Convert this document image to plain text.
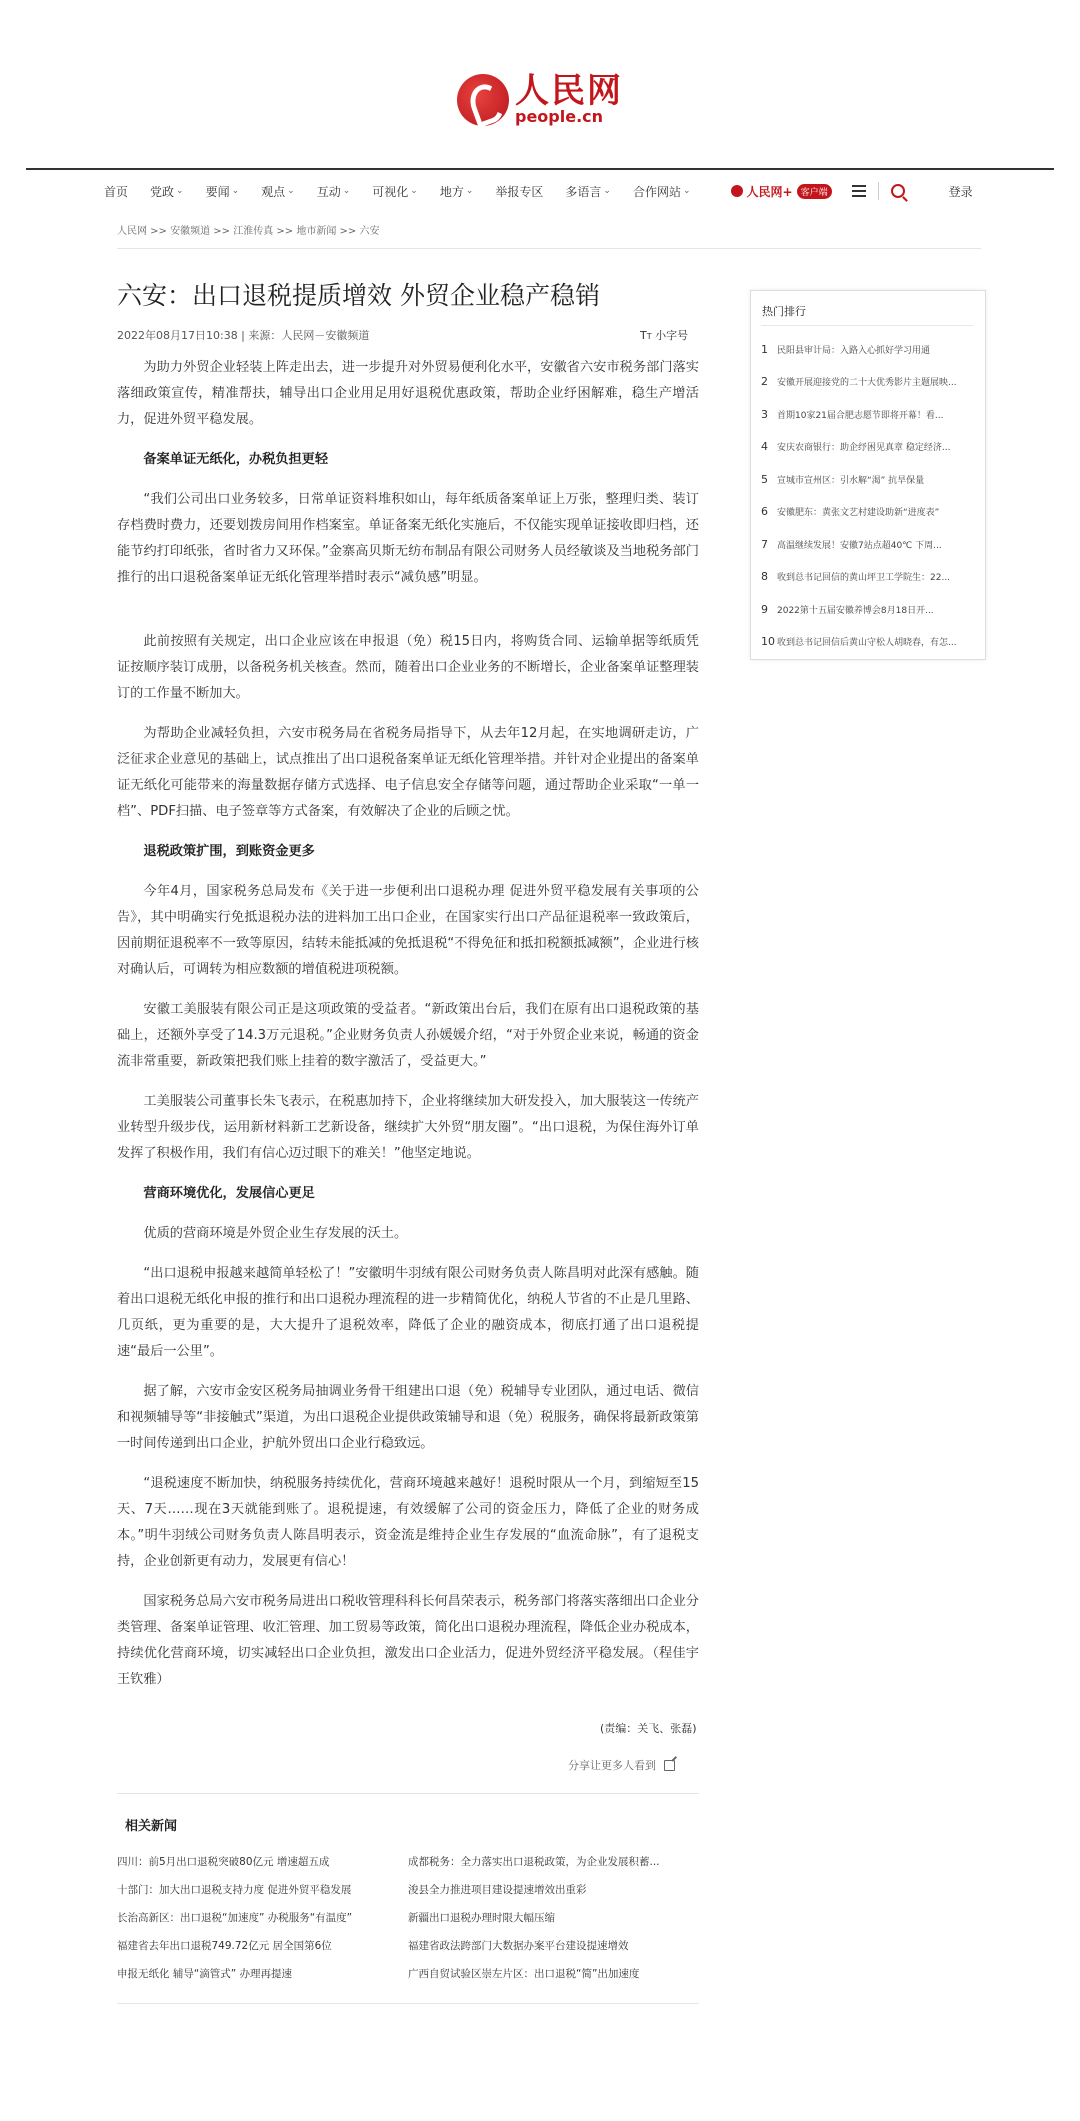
人民网
people.cn
首页 党政 ⌄ 要闻 ⌄ 观点 ⌄ 互动 ⌄ 可视化 ⌄ 地方 ⌄ 举报专区 多语言 ⌄ 合作网站 ⌄	人民网+ 客户端	登录
人民网 >> 安徽频道 >> 江淮传真 >> 地市新闻 >> 六安
六安：出口退税提质增效 外贸企业稳产稳销
2022年08月17日10:38 | 来源：人民网－安徽频道	TT 小字号

为助力外贸企业轻装上阵走出去，进一步提升对外贸易便利化水平，安徽省六安市税务部门落实落细政策宣传，精准帮扶，辅导出口企业用足用好退税优惠政策，帮助企业纾困解难，稳生产增活力，促进外贸平稳发展。

备案单证无纸化，办税负担更轻

“我们公司出口业务较多，日常单证资料堆积如山，每年纸质备案单证上万张，整理归类、装订存档费时费力，还要划拨房间用作档案室。单证备案无纸化实施后，不仅能实现单证接收即归档，还能节约打印纸张，省时省力又环保。”金寨高贝斯无纺布制品有限公司财务人员经敏谈及当地税务部门推行的出口退税备案单证无纸化管理举措时表示“减负感”明显。

此前按照有关规定，出口企业应该在申报退（免）税15日内，将购货合同、运输单据等纸质凭证按顺序装订成册，以备税务机关核查。然而，随着出口企业业务的不断增长，企业备案单证整理装订的工作量不断加大。

为帮助企业减轻负担，六安市税务局在省税务局指导下，从去年12月起，在实地调研走访，广泛征求企业意见的基础上，试点推出了出口退税备案单证无纸化管理举措。并针对企业提出的备案单证无纸化可能带来的海量数据存储方式选择、电子信息安全存储等问题，通过帮助企业采取“一单一档”、PDF扫描、电子签章等方式备案，有效解决了企业的后顾之忧。

退税政策扩围，到账资金更多

今年4月，国家税务总局发布《关于进一步便利出口退税办理 促进外贸平稳发展有关事项的公告》，其中明确实行免抵退税办法的进料加工出口企业，在国家实行出口产品征退税率一致政策后，因前期征退税率不一致等原因，结转未能抵减的免抵退税“不得免征和抵扣税额抵减额”，企业进行核对确认后，可调转为相应数额的增值税进项税额。

安徽工美服装有限公司正是这项政策的受益者。“新政策出台后，我们在原有出口退税政策的基础上，还额外享受了14.3万元退税。”企业财务负责人孙媛媛介绍，“对于外贸企业来说，畅通的资金流非常重要，新政策把我们账上挂着的数字激活了，受益更大。”

工美服装公司董事长朱飞表示，在税惠加持下，企业将继续加大研发投入，加大服装这一传统产业转型升级步伐，运用新材料新工艺新设备，继续扩大外贸“朋友圈”。“出口退税，为保住海外订单发挥了积极作用，我们有信心迈过眼下的难关！”他坚定地说。

营商环境优化，发展信心更足

优质的营商环境是外贸企业生存发展的沃土。

“出口退税申报越来越简单轻松了！”安徽明牛羽绒有限公司财务负责人陈昌明对此深有感触。随着出口退税无纸化申报的推行和出口退税办理流程的进一步精简优化，纳税人节省的不止是几里路、几页纸，更为重要的是，大大提升了退税效率，降低了企业的融资成本，彻底打通了出口退税提速“最后一公里”。

据了解，六安市金安区税务局抽调业务骨干组建出口退（免）税辅导专业团队，通过电话、微信和视频辅导等“非接触式”渠道，为出口退税企业提供政策辅导和退（免）税服务，确保将最新政策第一时间传递到出口企业，护航外贸出口企业行稳致远。

“退税速度不断加快，纳税服务持续优化，营商环境越来越好！退税时限从一个月，到缩短至15天、7天……现在3天就能到账了。退税提速，有效缓解了公司的资金压力，降低了企业的财务成本。”明牛羽绒公司财务负责人陈昌明表示，资金流是维持企业生存发展的“血流命脉”，有了退税支持，企业创新更有动力，发展更有信心！

国家税务总局六安市税务局进出口税收管理科科长何昌荣表示，税务部门将落实落细出口企业分类管理、备案单证管理、收汇管理、加工贸易等政策，简化出口退税办理流程，降低企业办税成本，持续优化营商环境，切实减轻出口企业负担，激发出口企业活力，促进外贸经济平稳发展。（程佳宇 王钦雅）

(责编：关飞、张磊)
分享让更多人看到
相关新闻
四川：前5月出口退税突破80亿元 增速超五成	成都税务：全力落实出口退税政策，为企业发展积蓄...
十部门：加大出口退税支持力度 促进外贸平稳发展	浚县全力推进项目建设提速增效出重彩
长治高新区：出口退税“加速度” 办税服务“有温度”	新疆出口退税办理时限大幅压缩
福建省去年出口退税749.72亿元 居全国第6位	福建省政法跨部门大数据办案平台建设提速增效
申报无纸化 辅导“滴管式” 办理再提速	广西自贸试验区崇左片区：出口退税“简”出加速度
热门排行
1	民阳县审计局：入路入心抓好学习用通
2	安徽开展迎接党的二十大优秀影片主题展映...
3	首期10家21届合肥志愿节即将开幕！看...
4	安庆农商银行：助企纾困见真章 稳定经济...
5	宣城市宣州区：引水解“渴” 抗旱保量
6	安徽肥东：黄张文艺村建设助新“进度表”
7	高温继续发展！安徽7站点超40℃ 下周...
8	收到总书记回信的黄山坪卫工学院生：22...
9	2022第十五届安徽养博会8月18日开...
10 收到总书记回信后黄山守松人胡晓春，有怎...
